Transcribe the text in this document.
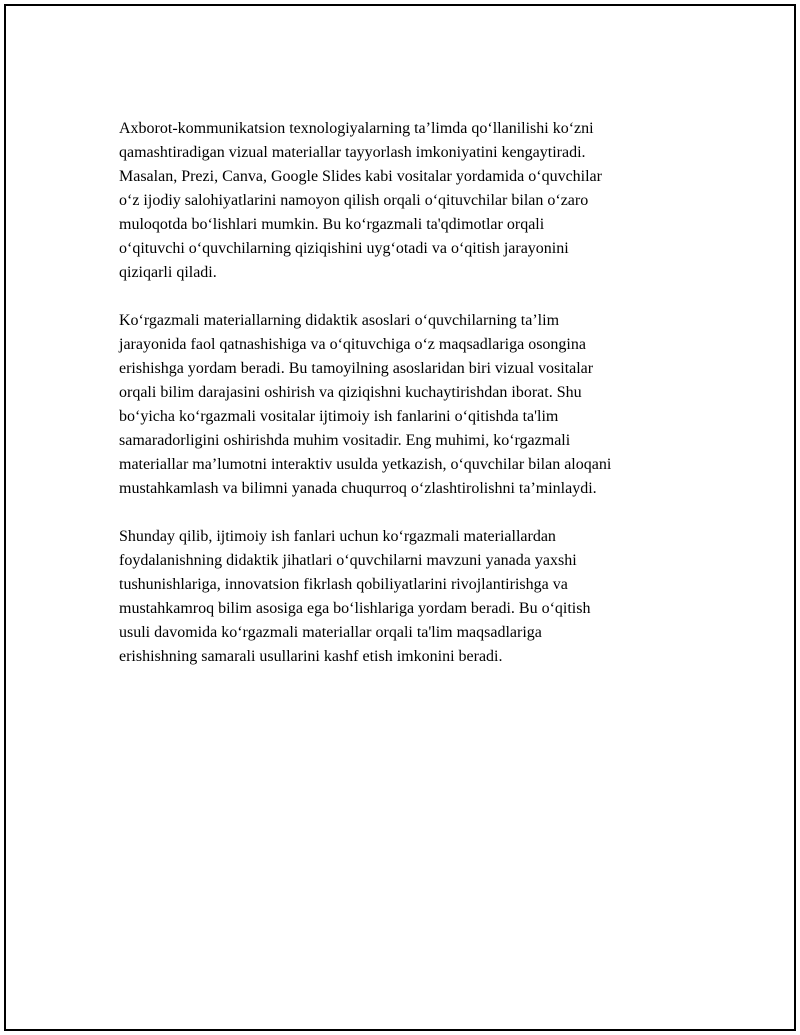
Axborot-kommunikatsion texnologiyalarning ta’limda qo‘llanilishi ko‘zni
qamashtiradigan vizual materiallar tayyorlash imkoniyatini kengaytiradi.
Masalan, Prezi, Canva, Google Slides kabi vositalar yordamida o‘quvchilar
o‘z ijodiy salohiyatlarini namoyon qilish orqali o‘qituvchilar bilan o‘zaro
muloqotda bo‘lishlari mumkin. Bu ko‘rgazmali ta'qdimotlar orqali
o‘qituvchi o‘quvchilarning qiziqishini uyg‘otadi va o‘qitish jarayonini
qiziqarli qiladi.

Ko‘rgazmali materiallarning didaktik asoslari o‘quvchilarning ta’lim
jarayonida faol qatnashishiga va o‘qituvchiga o‘z maqsadlariga osongina
erishishga yordam beradi. Bu tamoyilning asoslaridan biri vizual vositalar
orqali bilim darajasini oshirish va qiziqishni kuchaytirishdan iborat. Shu
bo‘yicha ko‘rgazmali vositalar ijtimoiy ish fanlarini o‘qitishda ta'lim
samaradorligini oshirishda muhim vositadir. Eng muhimi, ko‘rgazmali
materiallar ma’lumotni interaktiv usulda yetkazish, o‘quvchilar bilan aloqani
mustahkamlash va bilimni yanada chuqurroq o‘zlashtirolishni ta’minlaydi.

Shunday qilib, ijtimoiy ish fanlari uchun ko‘rgazmali materiallardan
foydalanishning didaktik jihatlari o‘quvchilarni mavzuni yanada yaxshi
tushunishlariga, innovatsion fikrlash qobiliyatlarini rivojlantirishga va
mustahkamroq bilim asosiga ega bo‘lishlariga yordam beradi. Bu o‘qitish
usuli davomida ko‘rgazmali materiallar orqali ta'lim maqsadlariga
erishishning samarali usullarini kashf etish imkonini beradi.
